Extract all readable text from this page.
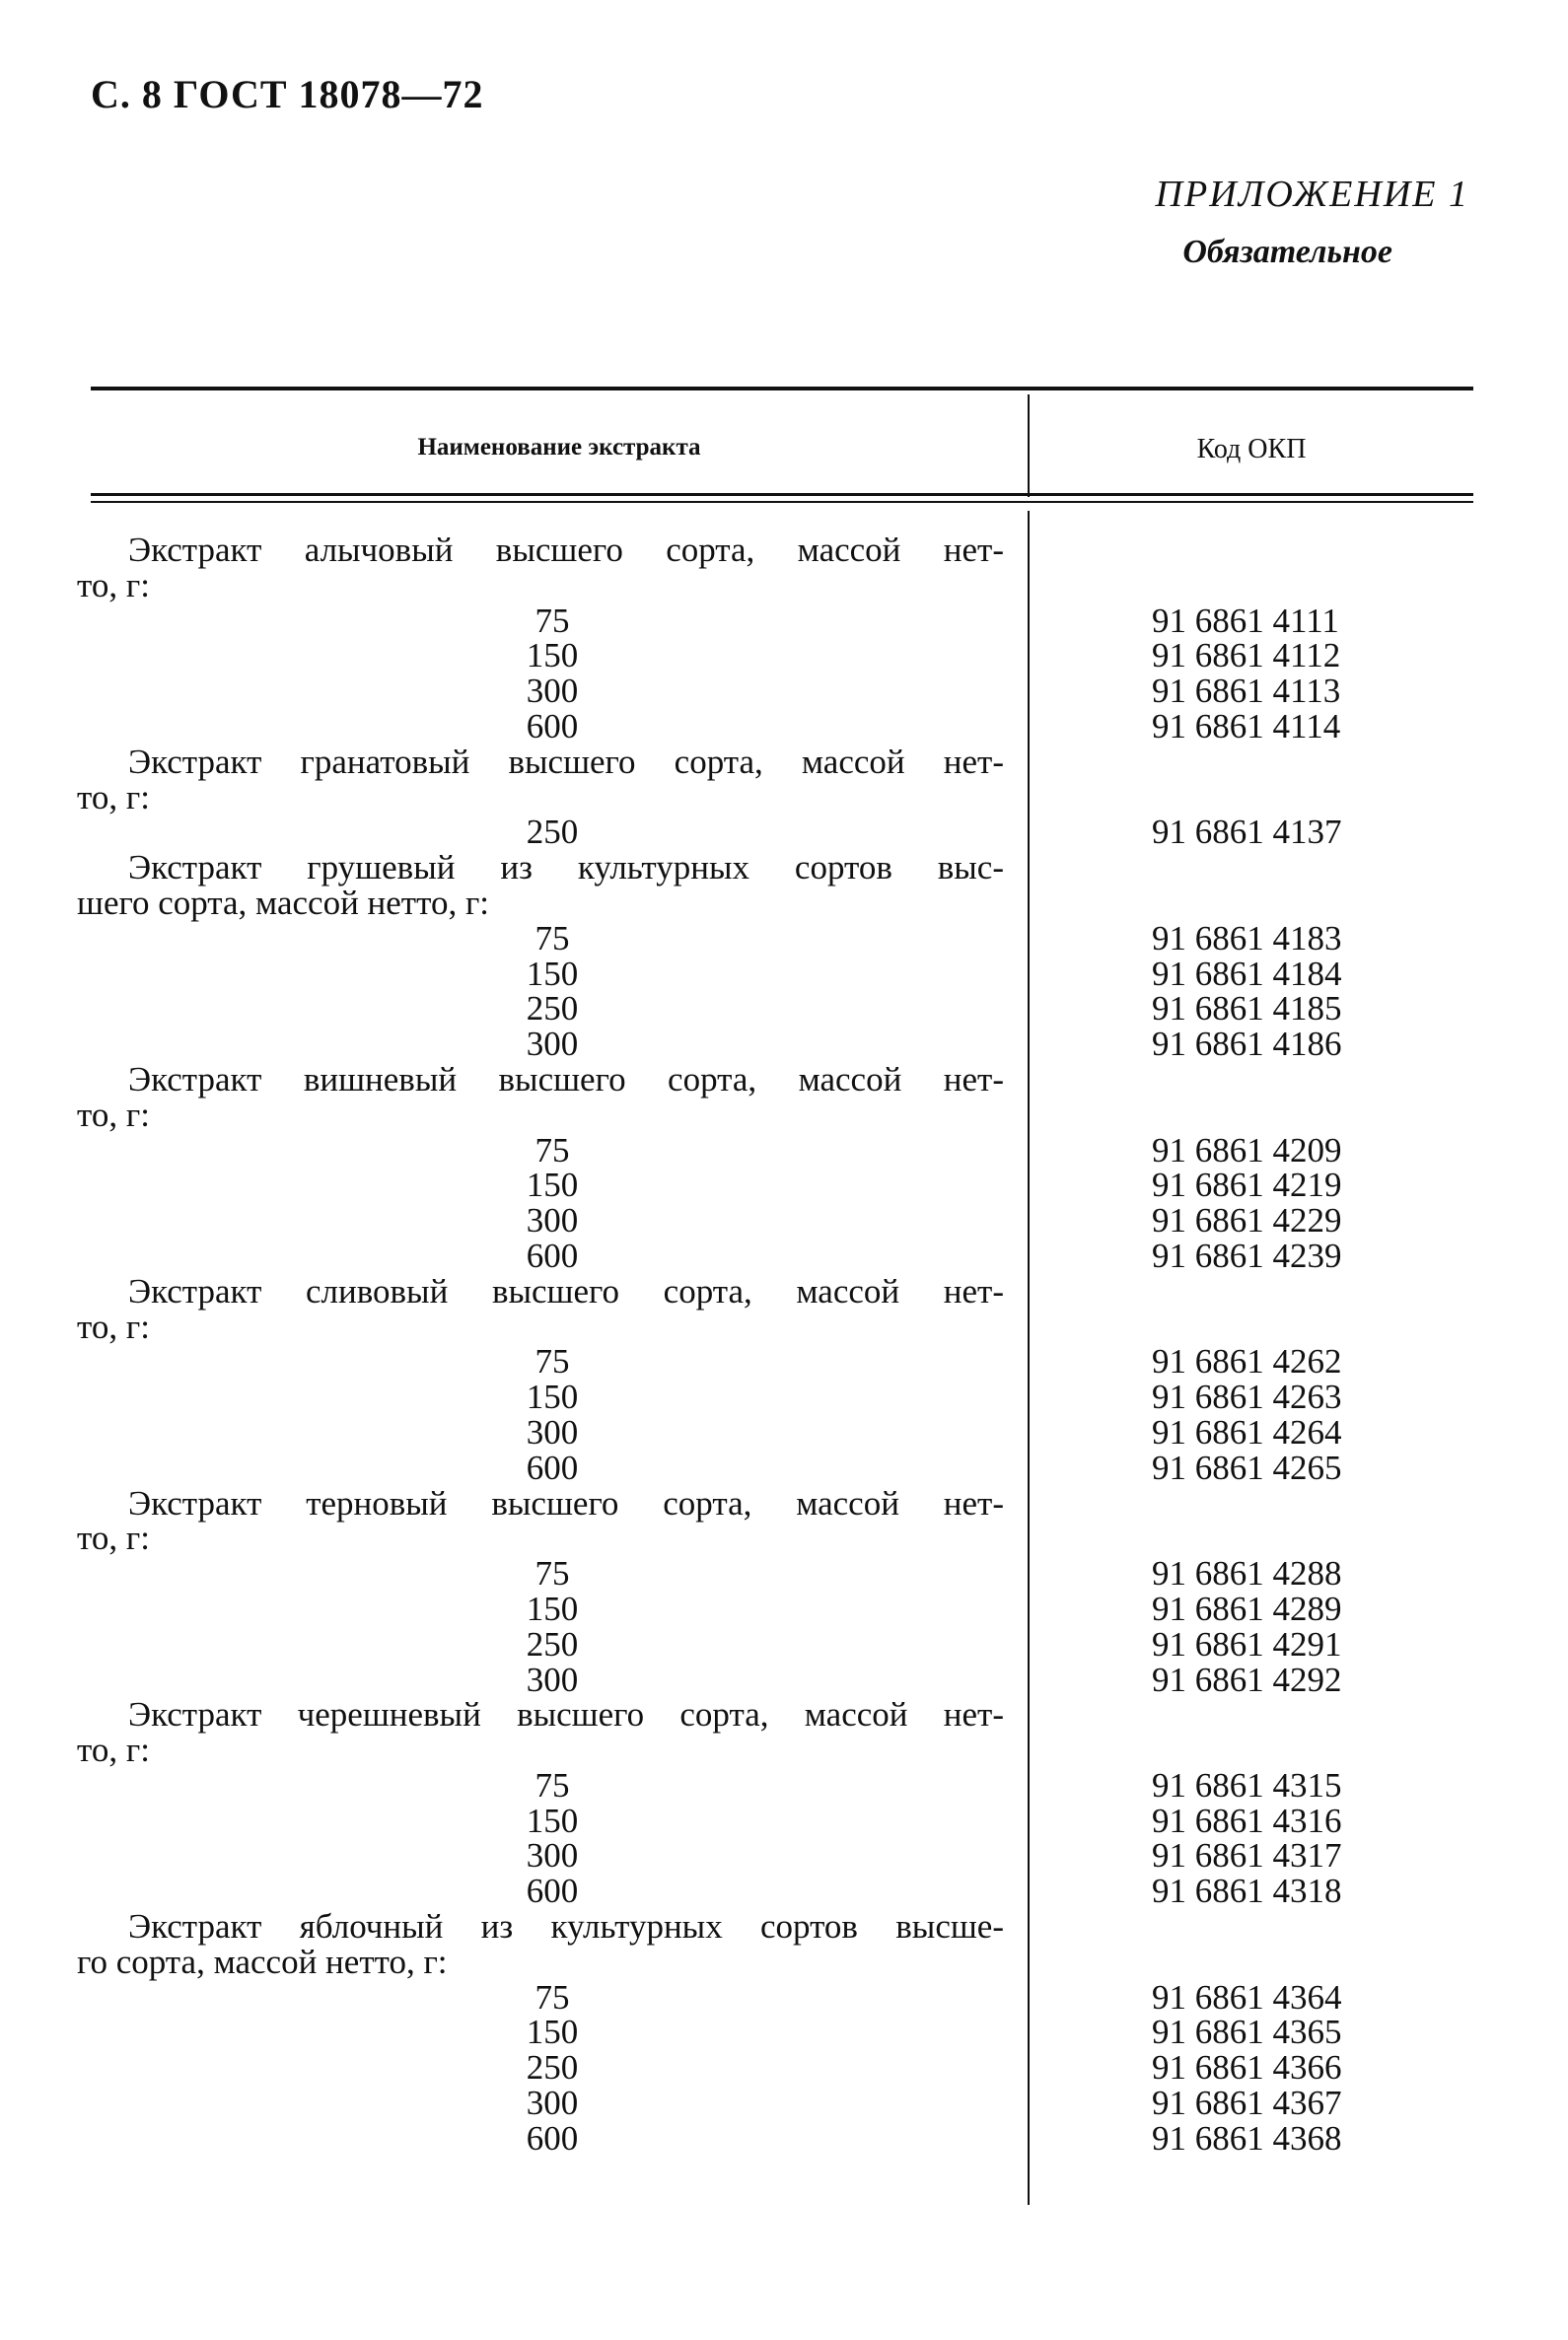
С. 8 ГОСТ 18078—72
ПРИЛОЖЕНИЕ 1
Обязательное
Наименование экстракта	Код ОКП
Экстракт алычовый высшего сорта, массой нет-
то, г:
75	91 6861 4111
150	91 6861 4112
300	91 6861 4113
600	91 6861 4114
Экстракт гранатовый высшего сорта, массой нет-
то, г:
250	91 6861 4137
Экстракт грушевый из культурных сортов выс-
шего сорта, массой нетто, г:
75	91 6861 4183
150	91 6861 4184
250	91 6861 4185
300	91 6861 4186
Экстракт вишневый высшего сорта, массой нет-
то, г:
75	91 6861 4209
150	91 6861 4219
300	91 6861 4229
600	91 6861 4239
Экстракт сливовый высшего сорта, массой нет-
то, г:
75	91 6861 4262
150	91 6861 4263
300	91 6861 4264
600	91 6861 4265
Экстракт терновый высшего сорта, массой нет-
то, г:
75	91 6861 4288
150	91 6861 4289
250	91 6861 4291
300	91 6861 4292
Экстракт черешневый высшего сорта, массой нет-
то, г:
75	91 6861 4315
150	91 6861 4316
300	91 6861 4317
600	91 6861 4318
Экстракт яблочный из культурных сортов высше-
го сорта, массой нетто, г:
75	91 6861 4364
150	91 6861 4365
250	91 6861 4366
300	91 6861 4367
600	91 6861 4368
